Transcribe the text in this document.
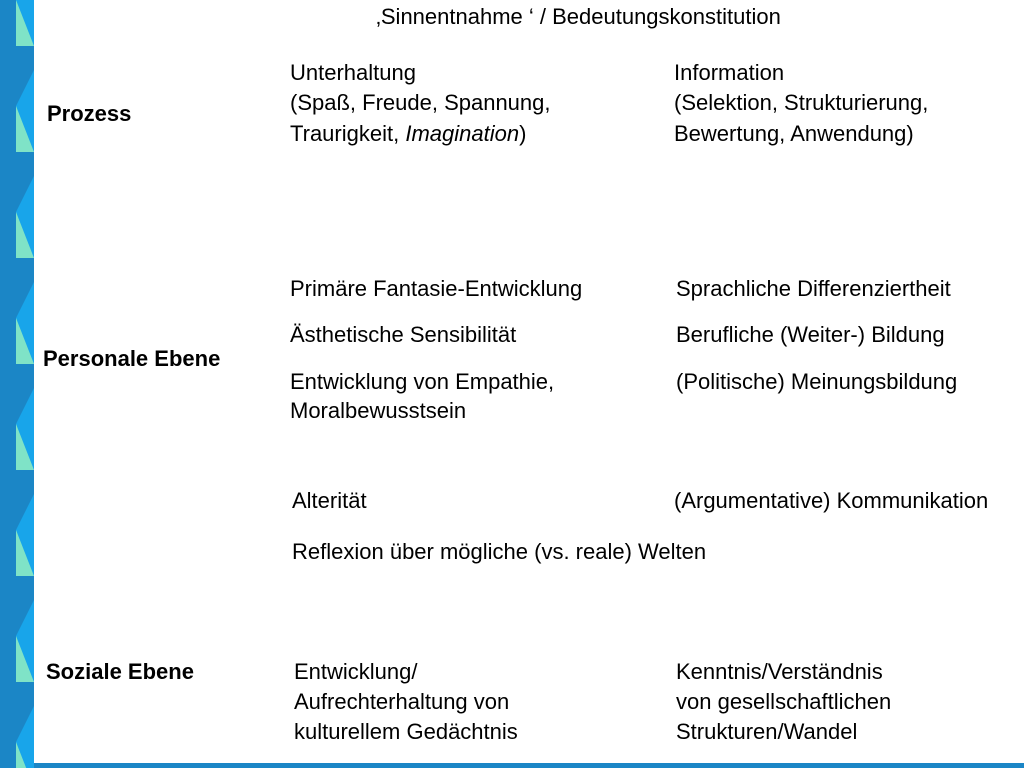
‚Sinnentnahme ‘ / Bedeutungskonstitution
Prozess
Unterhaltung
(Spaß, Freude, Spannung,
Traurigkeit, Imagination)
Information
(Selektion, Strukturierung,
Bewertung, Anwendung)
Personale Ebene
Primäre Fantasie-Entwicklung
Ästhetische Sensibilität
Entwicklung von Empathie,
Moralbewusstsein
Sprachliche Differenziertheit
Berufliche (Weiter-) Bildung
(Politische) Meinungsbildung
Alterität	(Argumentative) Kommunikation
Reflexion über mögliche (vs. reale) Welten
Soziale Ebene	Entwicklung/
Aufrechterhaltung von
kulturellem Gedächtnis
Kenntnis/Verständnis
von gesellschaftlichen
Strukturen/Wandel
